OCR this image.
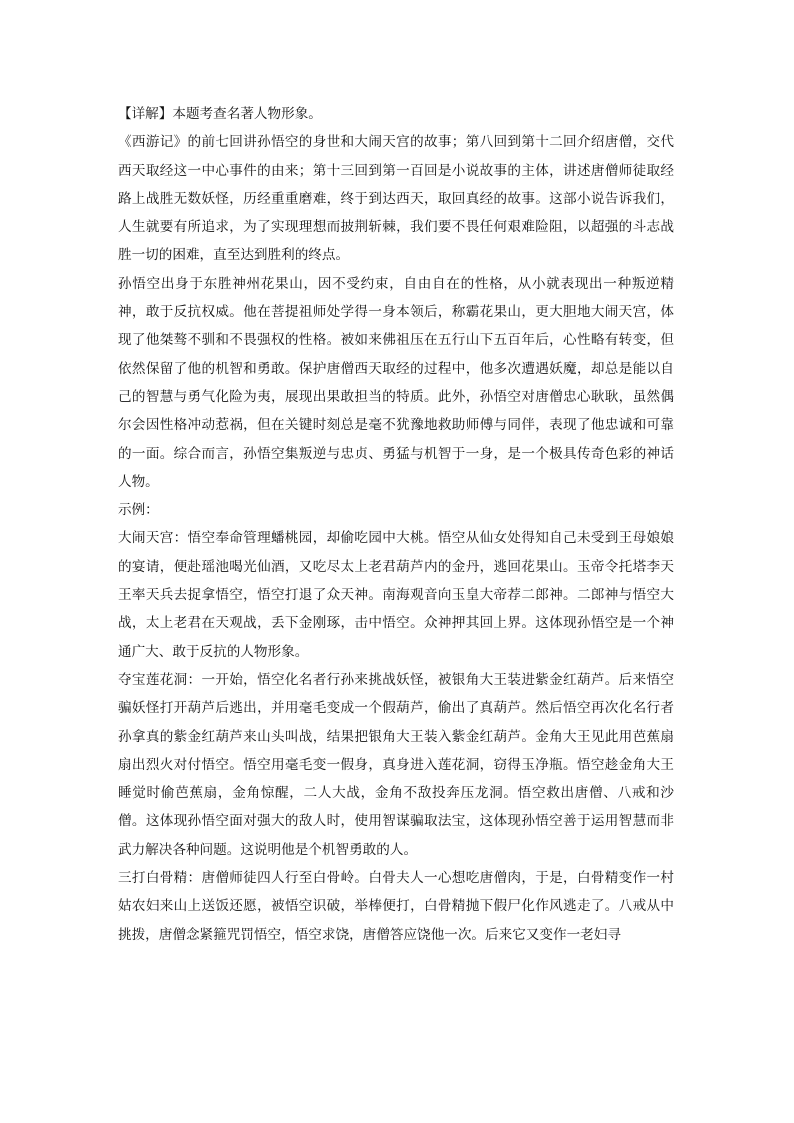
【详解】本题考查名著人物形象。

《西游记》的前七回讲孙悟空的身世和大闹天宫的故事；第八回到第十二回介绍唐僧，交代西天取经这一中心事件的由来；第十三回到第一百回是小说故事的主体，讲述唐僧师徒取经路上战胜无数妖怪，历经重重磨难，终于到达西天，取回真经的故事。这部小说告诉我们，人生就要有所追求，为了实现理想而披荆斩棘，我们要不畏任何艰难险阻，以超强的斗志战胜一切的困难，直至达到胜利的终点。

孙悟空出身于东胜神州花果山，因不受约束，自由自在的性格，从小就表现出一种叛逆精神，敢于反抗权威。他在菩提祖师处学得一身本领后，称霸花果山，更大胆地大闹天宫，体现了他桀骜不驯和不畏强权的性格。被如来佛祖压在五行山下五百年后，心性略有转变，但依然保留了他的机智和勇敢。保护唐僧西天取经的过程中，他多次遭遇妖魔，却总是能以自己的智慧与勇气化险为夷，展现出果敢担当的特质。此外，孙悟空对唐僧忠心耿耿，虽然偶尔会因性格冲动惹祸，但在关键时刻总是毫不犹豫地救助师傅与同伴，表现了他忠诚和可靠的一面。综合而言，孙悟空集叛逆与忠贞、勇猛与机智于一身，是一个极具传奇色彩的神话人物。

示例：

大闹天宫：悟空奉命管理蟠桃园，却偷吃园中大桃。悟空从仙女处得知自己未受到王母娘娘的宴请，便赴瑶池喝光仙酒，又吃尽太上老君葫芦内的金丹，逃回花果山。玉帝令托塔李天王率天兵去捉拿悟空，悟空打退了众天神。南海观音向玉皇大帝荐二郎神。二郎神与悟空大战，太上老君在天观战，丢下金刚琢，击中悟空。众神押其回上界。这体现孙悟空是一个神通广大、敢于反抗的人物形象。

夺宝莲花洞：一开始，悟空化名者行孙来挑战妖怪，被银角大王装进紫金红葫芦。后来悟空骗妖怪打开葫芦后逃出，并用毫毛变成一个假葫芦，偷出了真葫芦。然后悟空再次化名行者孙拿真的紫金红葫芦来山头叫战，结果把银角大王装入紫金红葫芦。金角大王见此用芭蕉扇扇出烈火对付悟空。悟空用毫毛变一假身，真身进入莲花洞，窃得玉净瓶。悟空趁金角大王睡觉时偷芭蕉扇，金角惊醒，二人大战，金角不敌投奔压龙洞。悟空救出唐僧、八戒和沙僧。这体现孙悟空面对强大的敌人时，使用智谋骗取法宝，这体现孙悟空善于运用智慧而非武力解决各种问题。这说明他是个机智勇敢的人。

三打白骨精：唐僧师徒四人行至白骨岭。白骨夫人一心想吃唐僧肉，于是，白骨精变作一村姑农妇来山上送饭还愿，被悟空识破，举棒便打，白骨精抛下假尸化作风逃走了。八戒从中挑拨，唐僧念紧箍咒罚悟空，悟空求饶，唐僧答应饶他一次。后来它又变作一老妇寻
